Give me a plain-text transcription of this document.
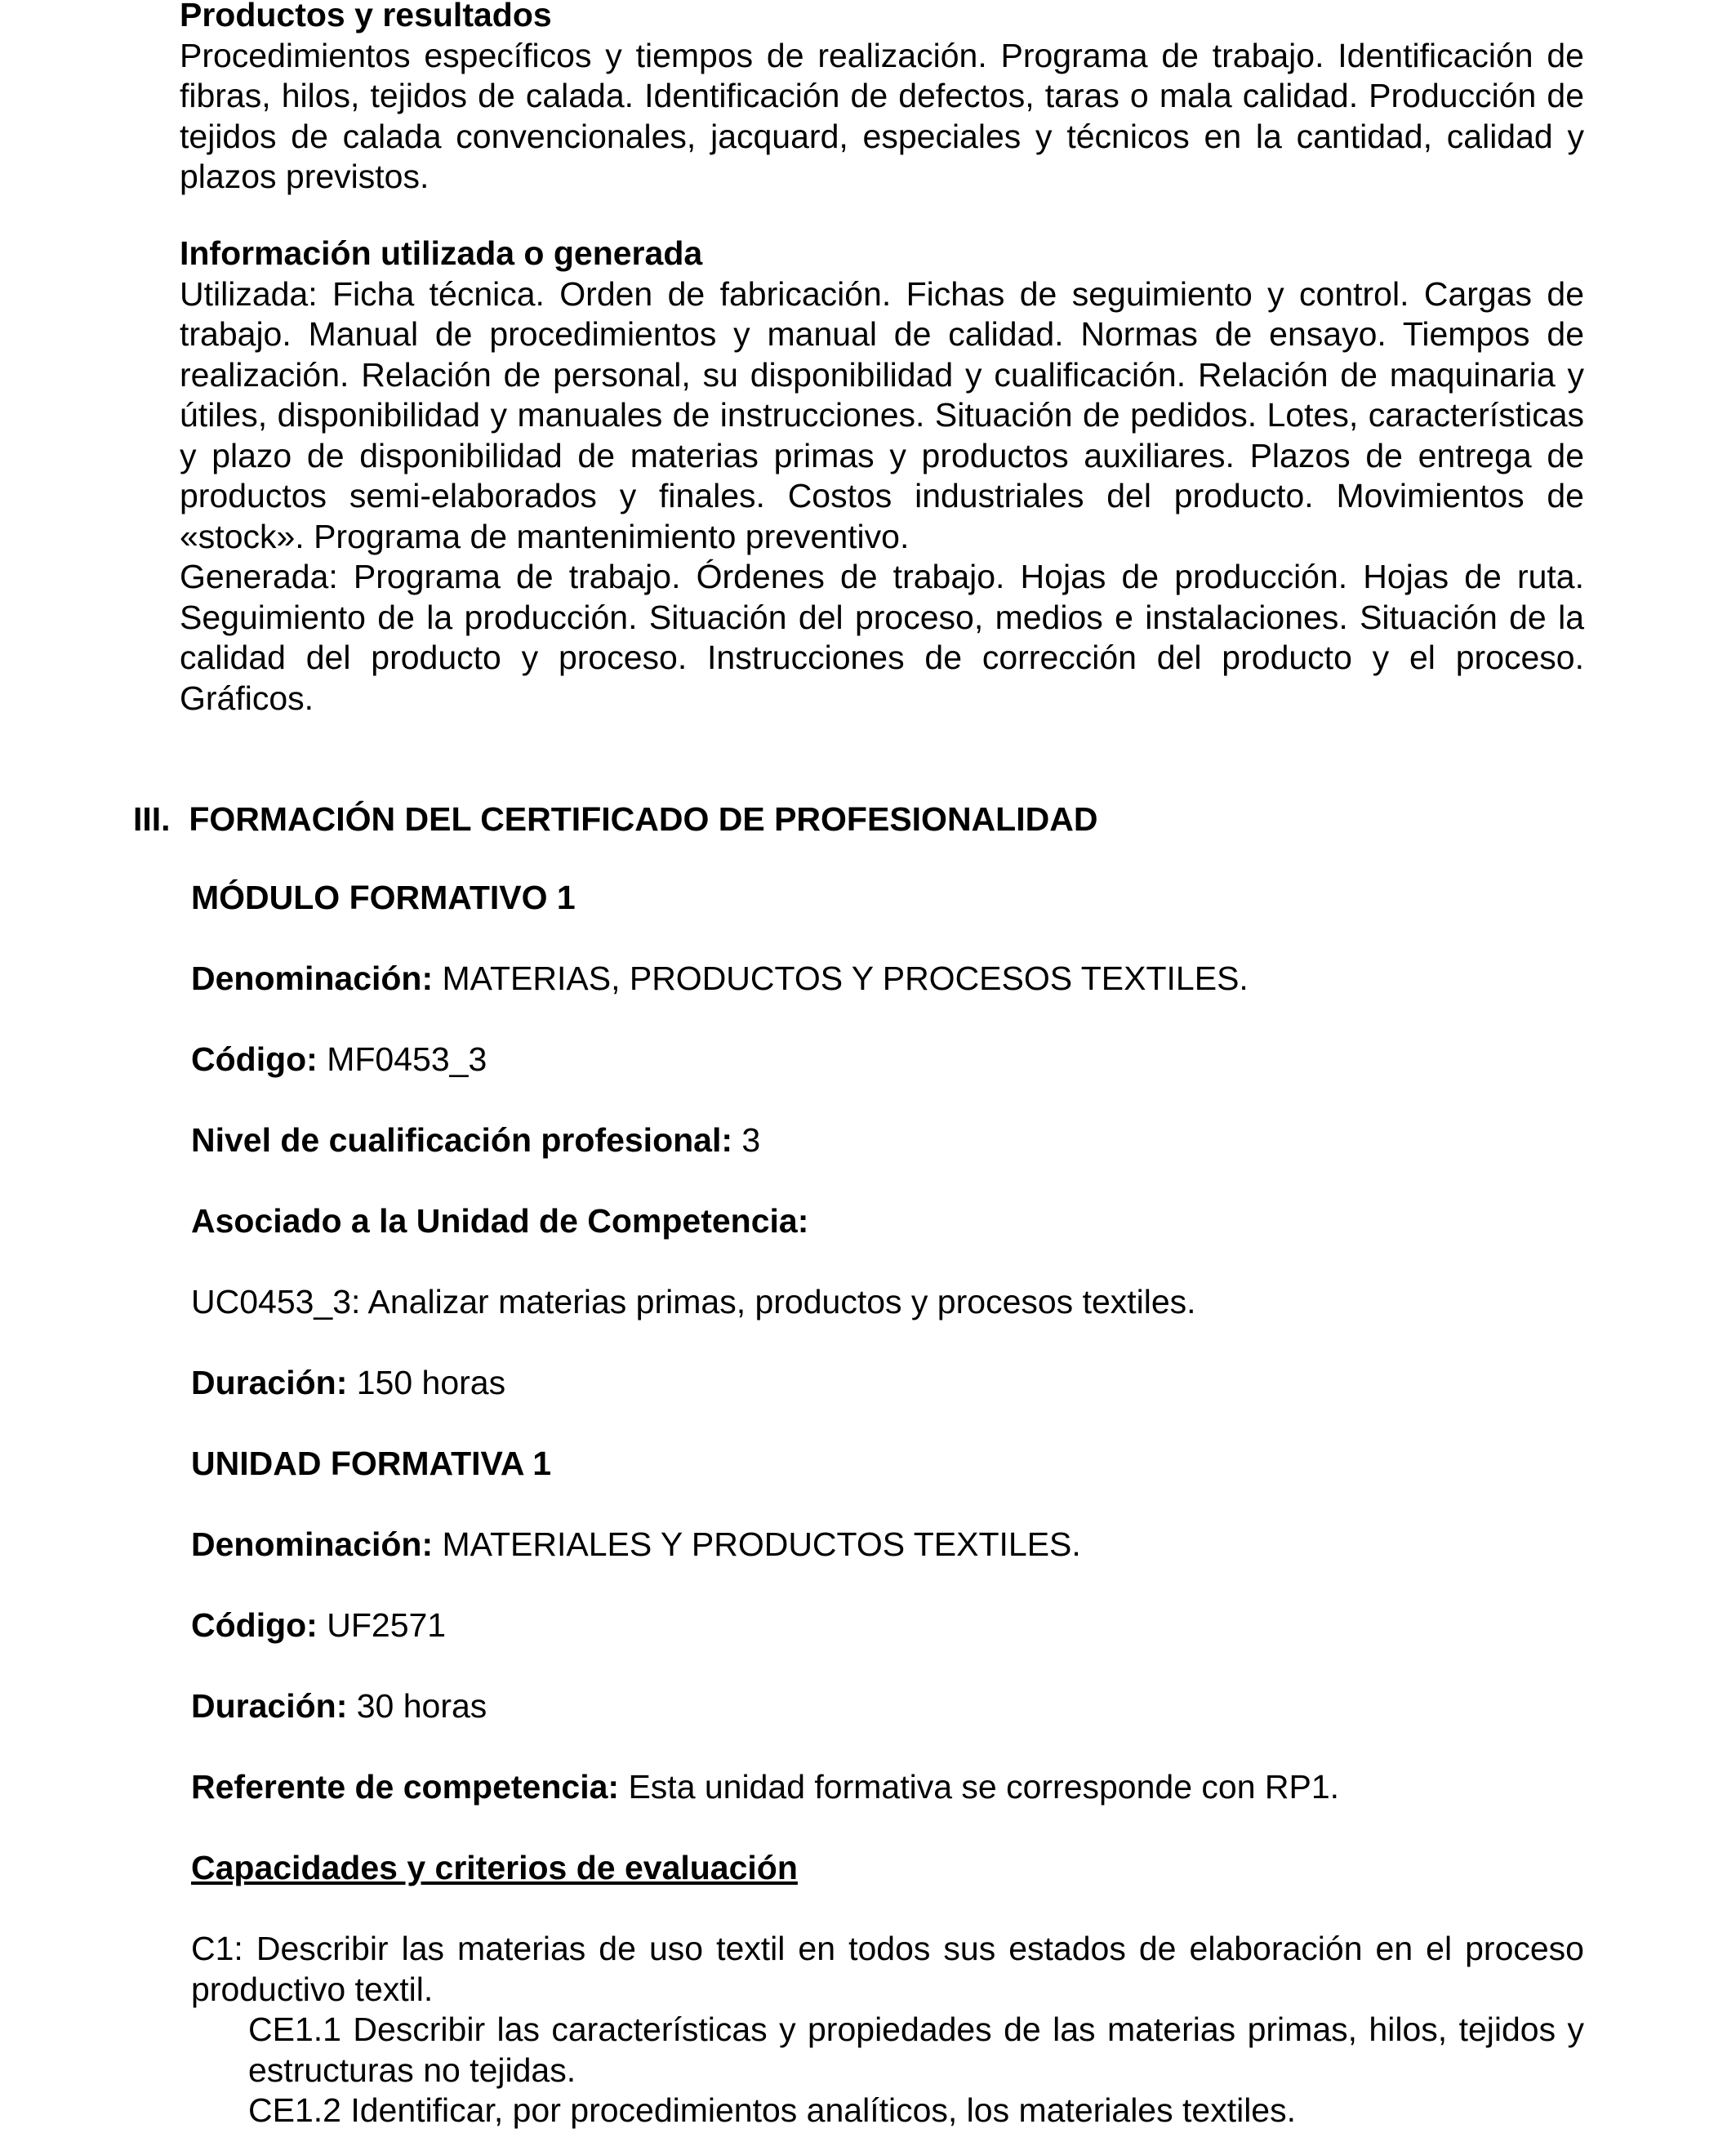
Productos y resultados
Procedimientos específicos y tiempos de realización. Programa de trabajo. Identificación de fibras, hilos, tejidos de calada. Identificación de defectos, taras o mala calidad. Producción de tejidos de calada convencionales, jacquard, especiales y técnicos en la cantidad, calidad y plazos previstos.
Información utilizada o generada
Utilizada: Ficha técnica. Orden de fabricación. Fichas de seguimiento y control. Cargas de trabajo. Manual de procedimientos y manual de calidad. Normas de ensayo. Tiempos de realización. Relación de personal, su disponibilidad y cualificación. Relación de maquinaria y útiles, disponibilidad y manuales de instrucciones. Situación de pedidos. Lotes, características y plazo de disponibilidad de materias primas y productos auxiliares. Plazos de entrega de productos semi-elaborados y finales. Costos industriales del producto. Movimientos de «stock». Programa de mantenimiento preventivo.
Generada: Programa de trabajo. Órdenes de trabajo. Hojas de producción. Hojas de ruta. Seguimiento de la producción. Situación del proceso, medios e instalaciones. Situación de la calidad del producto y proceso. Instrucciones de corrección del producto y el proceso. Gráficos.
III.  FORMACIÓN DEL CERTIFICADO DE PROFESIONALIDAD
MÓDULO FORMATIVO 1
Denominación: MATERIAS, PRODUCTOS Y PROCESOS TEXTILES.
Código: MF0453_3
Nivel de cualificación profesional: 3
Asociado a la Unidad de Competencia:
UC0453_3: Analizar materias primas, productos y procesos textiles.
Duración: 150 horas
UNIDAD FORMATIVA 1
Denominación: MATERIALES Y PRODUCTOS TEXTILES.
Código: UF2571
Duración: 30 horas
Referente de competencia: Esta unidad formativa se corresponde con RP1.
Capacidades y criterios de evaluación
C1: Describir las materias de uso textil en todos sus estados de elaboración en el proceso productivo textil.
CE1.1 Describir las características y propiedades de las materias primas, hilos, tejidos y estructuras no tejidas.
CE1.2 Identificar, por procedimientos analíticos, los materiales textiles.
